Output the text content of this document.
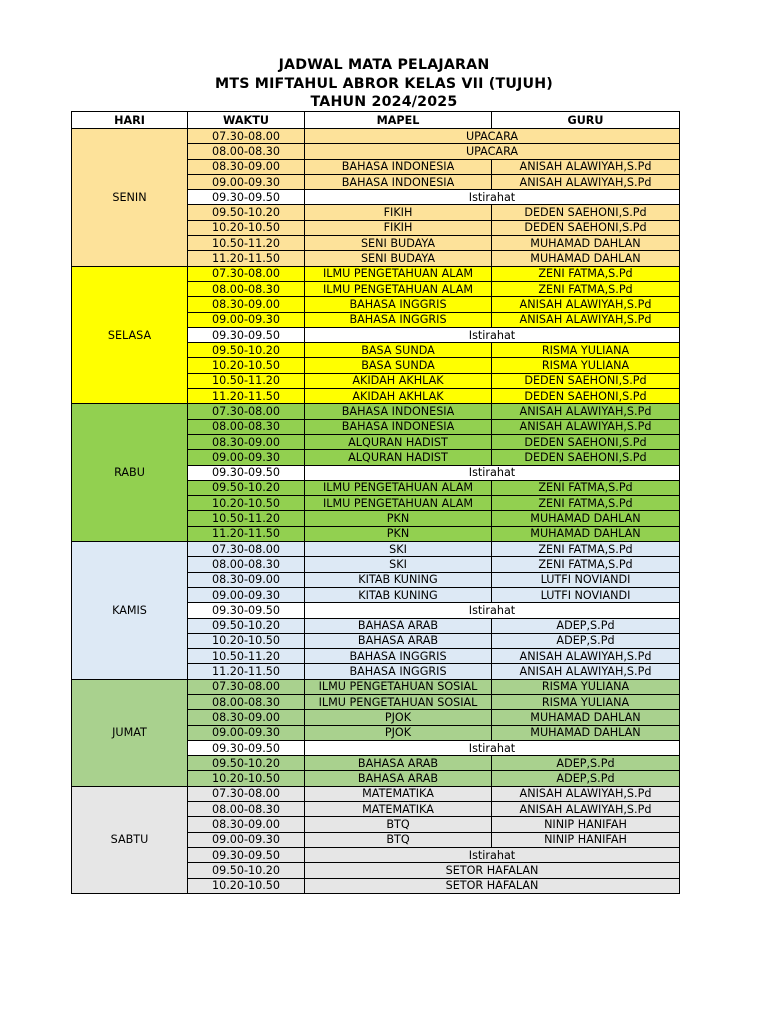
JADWAL MATA PELAJARAN
MTS MIFTAHUL ABROR KELAS VII (TUJUH)
TAHUN 2024/2025
HARI	WAKTU	MAPEL	GURU
SENIN	07.30-08.00	UPACARA	
	08.00-08.30	UPACARA	
	08.30-09.00	BAHASA INDONESIA	ANISAH ALAWIYAH,S.Pd
	09.00-09.30	BAHASA INDONESIA	ANISAH ALAWIYAH,S.Pd
	09.30-09.50	Istirahat	
	09.50-10.20	FIKIH	DEDEN SAEHONI,S.Pd
	10.20-10.50	FIKIH	DEDEN SAEHONI,S.Pd
	10.50-11.20	SENI BUDAYA	MUHAMAD DAHLAN
	11.20-11.50	SENI BUDAYA	MUHAMAD DAHLAN
SELASA	07.30-08.00	ILMU PENGETAHUAN ALAM	ZENI FATMA,S.Pd
	08.00-08.30	ILMU PENGETAHUAN ALAM	ZENI FATMA,S.Pd
	08.30-09.00	BAHASA INGGRIS	ANISAH ALAWIYAH,S.Pd
	09.00-09.30	BAHASA INGGRIS	ANISAH ALAWIYAH,S.Pd
	09.30-09.50	Istirahat	
	09.50-10.20	BASA SUNDA	RISMA YULIANA
	10.20-10.50	BASA SUNDA	RISMA YULIANA
	10.50-11.20	AKIDAH AKHLAK	DEDEN SAEHONI,S.Pd
	11.20-11.50	AKIDAH AKHLAK	DEDEN SAEHONI,S.Pd
RABU	07.30-08.00	BAHASA INDONESIA	ANISAH ALAWIYAH,S.Pd
	08.00-08.30	BAHASA INDONESIA	ANISAH ALAWIYAH,S.Pd
	08.30-09.00	ALQURAN HADIST	DEDEN SAEHONI,S.Pd
	09.00-09.30	ALQURAN HADIST	DEDEN SAEHONI,S.Pd
	09.30-09.50	Istirahat	
	09.50-10.20	ILMU PENGETAHUAN ALAM	ZENI FATMA,S.Pd
	10.20-10.50	ILMU PENGETAHUAN ALAM	ZENI FATMA,S.Pd
	10.50-11.20	PKN	MUHAMAD DAHLAN
	11.20-11.50	PKN	MUHAMAD DAHLAN
KAMIS	07.30-08.00	SKI	ZENI FATMA,S.Pd
	08.00-08.30	SKI	ZENI FATMA,S.Pd
	08.30-09.00	KITAB KUNING	LUTFI NOVIANDI
	09.00-09.30	KITAB KUNING	LUTFI NOVIANDI
	09.30-09.50	Istirahat	
	09.50-10.20	BAHASA ARAB	ADEP,S.Pd
	10.20-10.50	BAHASA ARAB	ADEP,S.Pd
	10.50-11.20	BAHASA INGGRIS	ANISAH ALAWIYAH,S.Pd
	11.20-11.50	BAHASA INGGRIS	ANISAH ALAWIYAH,S.Pd
JUMAT	07.30-08.00	ILMU PENGETAHUAN SOSIAL	RISMA YULIANA
	08.00-08.30	ILMU PENGETAHUAN SOSIAL	RISMA YULIANA
	08.30-09.00	PJOK	MUHAMAD DAHLAN
	09.00-09.30	PJOK	MUHAMAD DAHLAN
	09.30-09.50	Istirahat	
	09.50-10.20	BAHASA ARAB	ADEP,S.Pd
	10.20-10.50	BAHASA ARAB	ADEP,S.Pd
SABTU	07.30-08.00	MATEMATIKA	ANISAH ALAWIYAH,S.Pd
	08.00-08.30	MATEMATIKA	ANISAH ALAWIYAH,S.Pd
	08.30-09.00	BTQ	NINIP HANIFAH
	09.00-09.30	BTQ	NINIP HANIFAH
	09.30-09.50	Istirahat	
	09.50-10.20	SETOR HAFALAN	
	10.20-10.50	SETOR HAFALAN	
